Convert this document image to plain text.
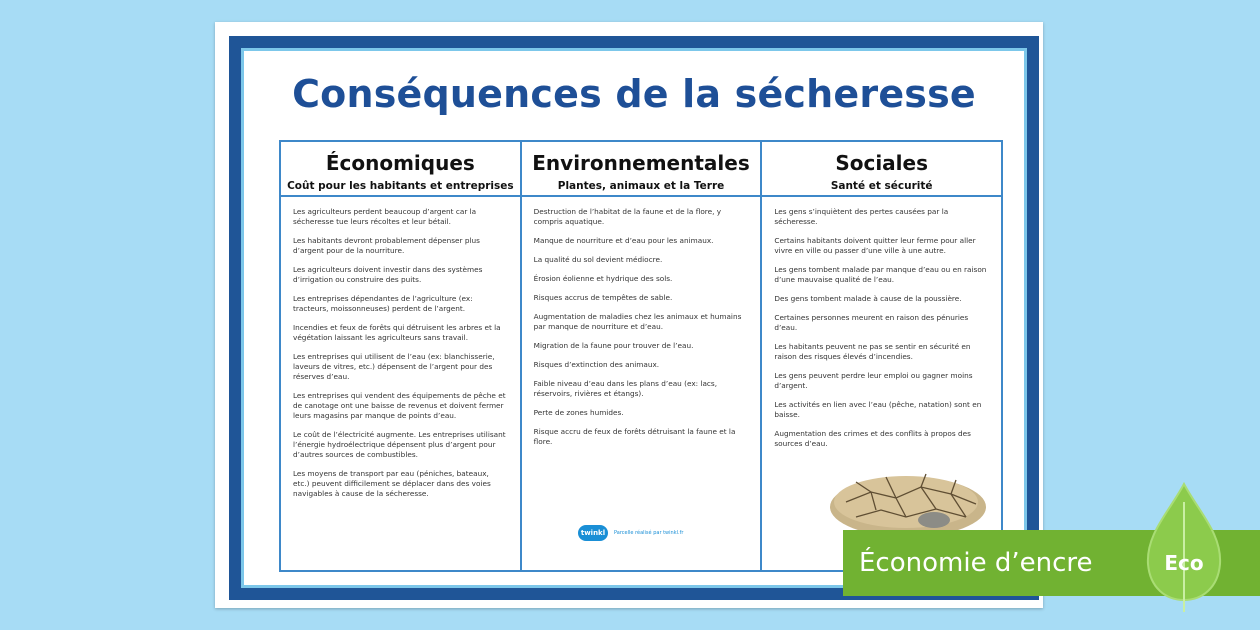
Conséquences de la sécheresse
Économiques
Coût pour les habitants et entreprises
Les agriculteurs perdent beaucoup d’argent car la sécheresse tue leurs récoltes et leur bétail.
Les habitants devront probablement dépenser plus d’argent pour de la nourriture.
Les agriculteurs doivent investir dans des systèmes d’irrigation ou construire des puits.
Les entreprises dépendantes de l’agriculture (ex: tracteurs, moissonneuses) perdent de l’argent.
Incendies et feux de forêts qui détruisent les arbres et la végétation laissant les agriculteurs sans travail.
Les entreprises qui utilisent de l’eau (ex: blanchisserie, laveurs de vitres, etc.) dépensent de l’argent pour des réserves d’eau.
Les entreprises qui vendent des équipements de pêche et de canotage ont une baisse de revenus et doivent fermer leurs magasins par manque de points d’eau.
Le coût de l’électricité augmente. Les entreprises utilisant l’énergie hydroélectrique dépensent plus d’argent pour d’autres sources de combustibles.
Les moyens de transport par eau (péniches, bateaux, etc.) peuvent difficilement se déplacer dans des voies navigables à cause de la sécheresse.
Environnementales
Plantes, animaux et la Terre
Destruction de l’habitat de la faune et de la flore, y compris aquatique.
Manque de nourriture et d’eau pour les animaux.
La qualité du sol devient médiocre.
Érosion éolienne et hydrique des sols.
Risques accrus de tempêtes de sable.
Augmentation de maladies chez les animaux et humains par manque de nourriture et d’eau.
Migration de la faune pour trouver de l’eau.
Risques d’extinction des animaux.
Faible niveau d’eau dans les plans d’eau (ex: lacs, réservoirs, rivières et étangs).
Perte de zones humides.
Risque accru de feux de forêts détruisant la faune et la flore.
Sociales
Santé et sécurité
Les gens s’inquiètent des pertes causées par la sécheresse.
Certains habitants doivent quitter leur ferme pour aller vivre en ville ou passer d’une ville à une autre.
Les gens tombent malade par manque d’eau ou en raison d’une mauvaise qualité de l’eau.
Des gens tombent malade à cause de la poussière.
Certaines personnes meurent en raison des pénuries d’eau.
Les habitants peuvent ne pas se sentir en sécurité en raison des risques élevés d’incendies.
Les gens peuvent perdre leur emploi ou gagner moins d’argent.
Les activités en lien avec l’eau (pêche, natation) sont en baisse.
Augmentation des crimes et des conflits à propos des sources d’eau.
twinkl	Parcelle réalisé par twinkl.fr
Économie d’encre	Eco
